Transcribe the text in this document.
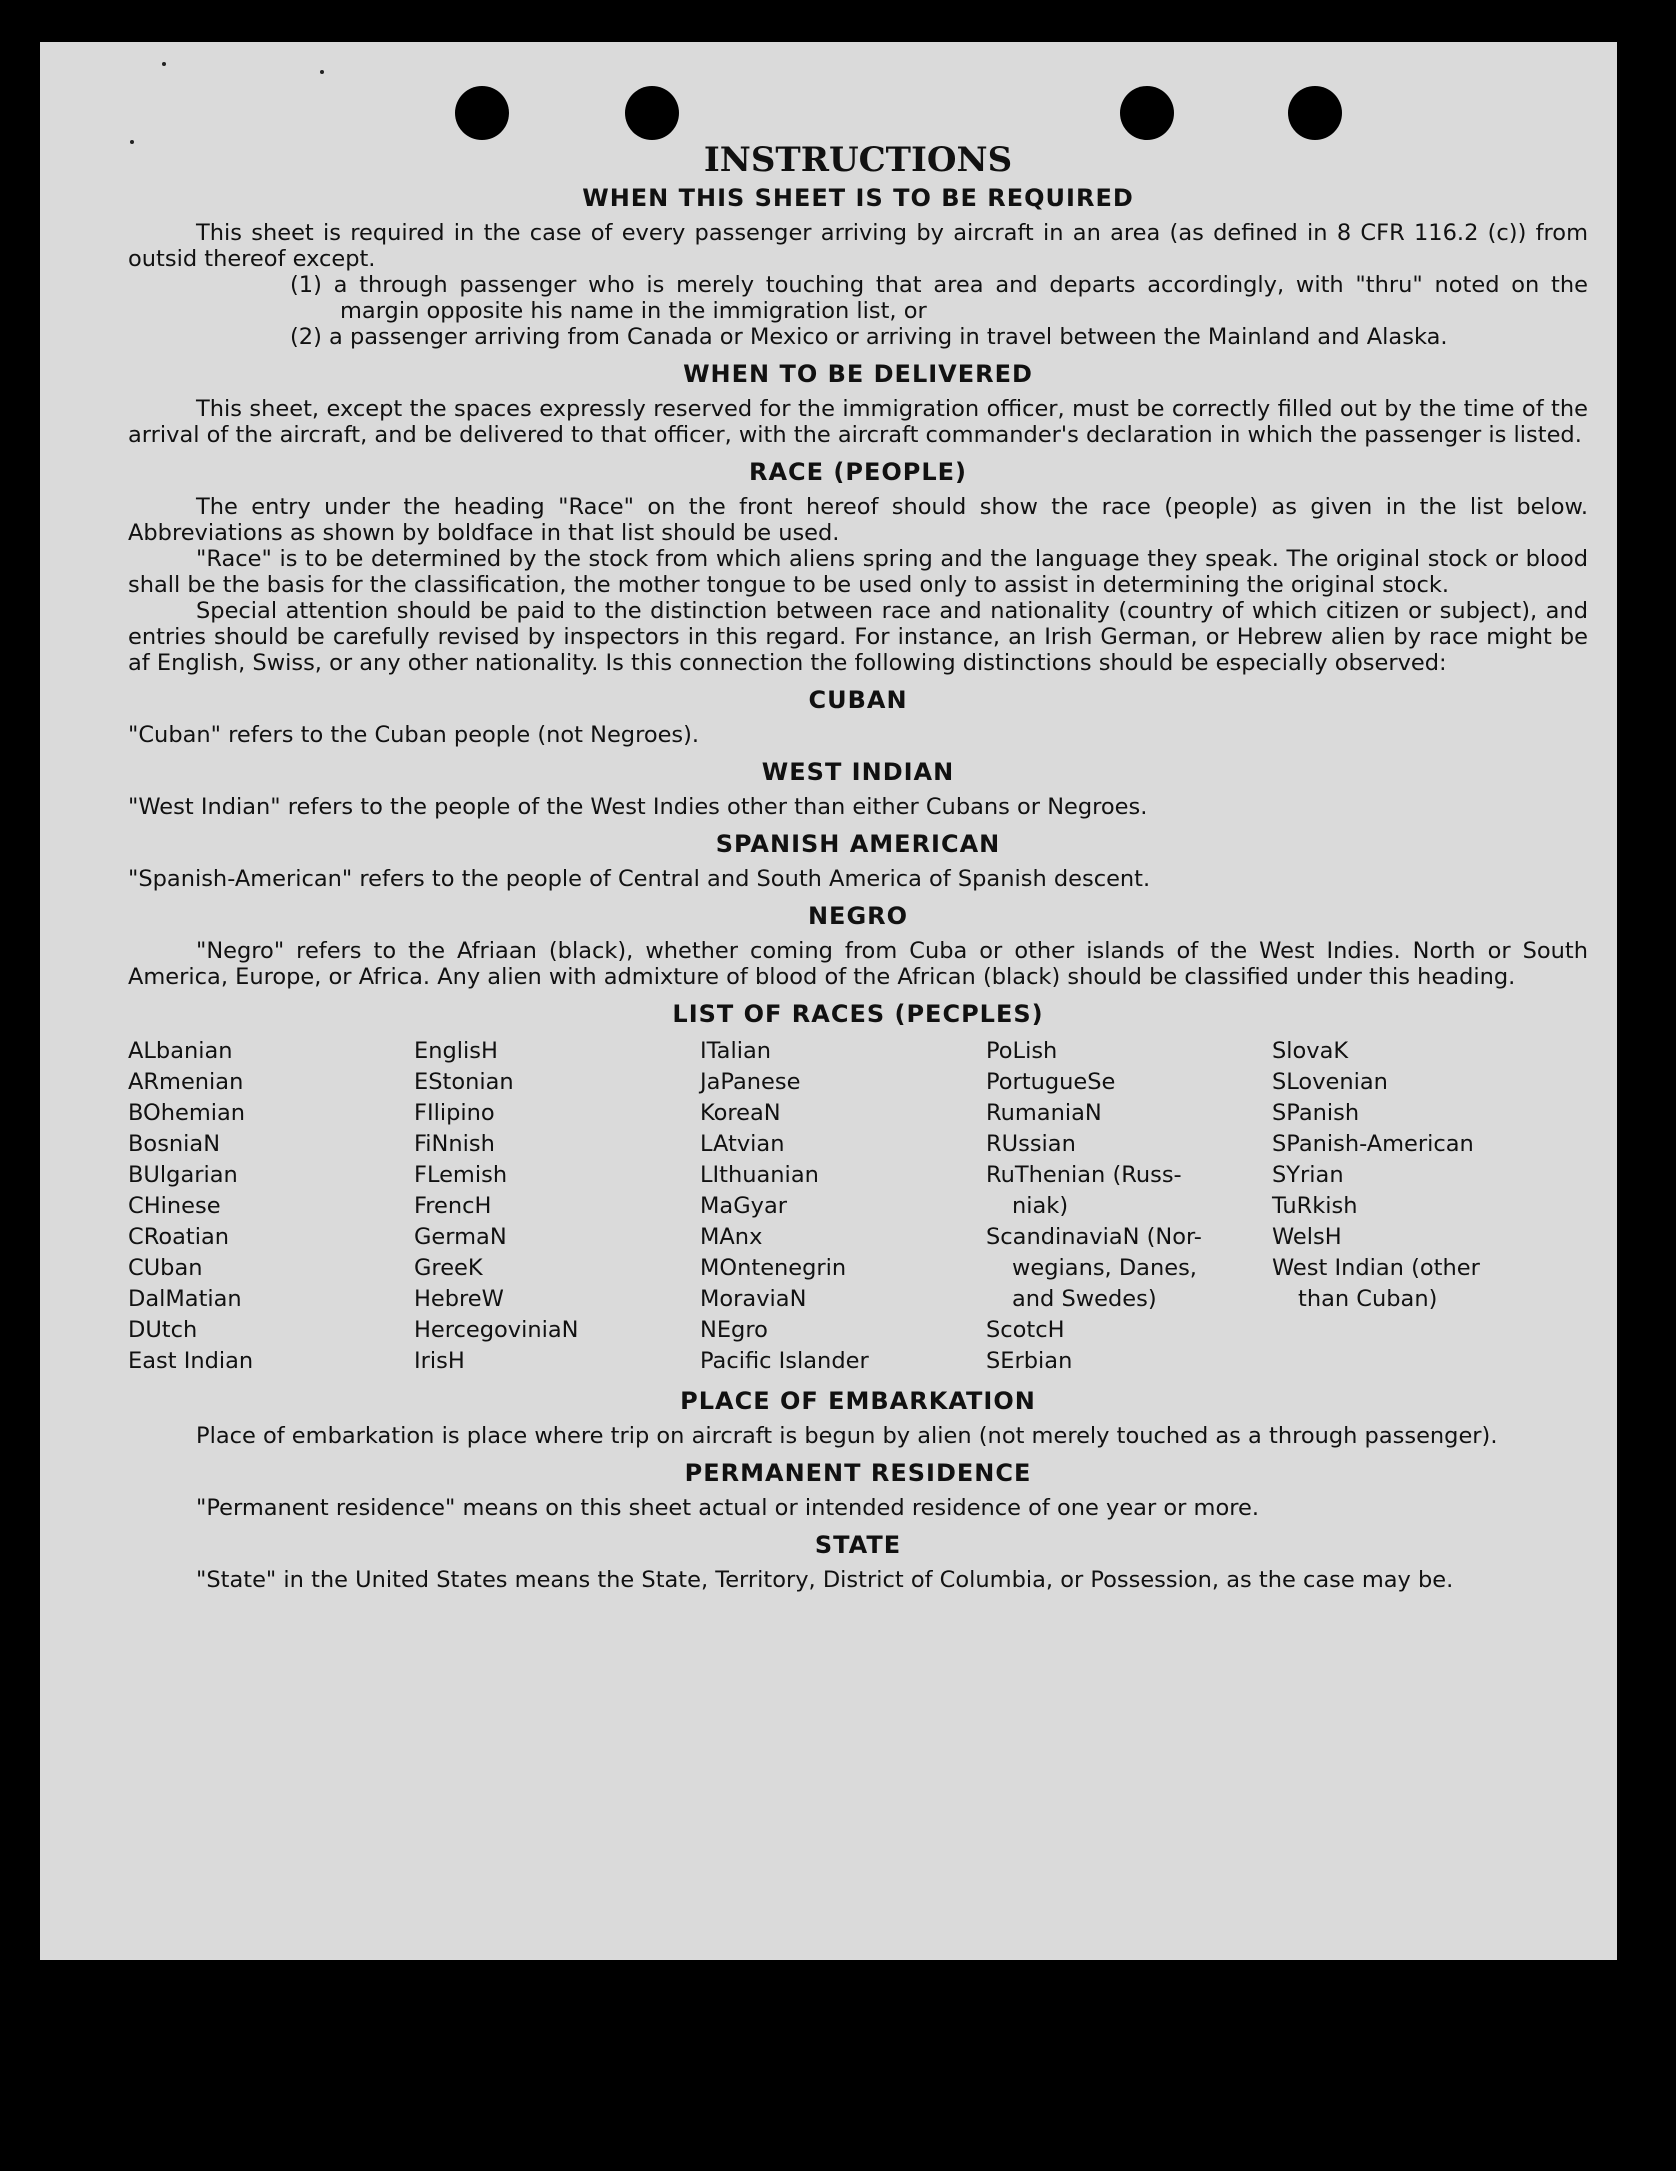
INSTRUCTIONS
WHEN THIS SHEET IS TO BE REQUIRED

This sheet is required in the case of every passenger arriving by aircraft in an area (as defined in 8 CFR 116.2 (c)) from outsid thereof except.

(1) a through passenger who is merely touching that area and departs accordingly, with "thru" noted on the margin opposite his name in the immigration list, or

(2) a passenger arriving from Canada or Mexico or arriving in travel between the Mainland and Alaska.

WHEN TO BE DELIVERED

This sheet, except the spaces expressly reserved for the immigration officer, must be correctly filled out by the time of the arrival of the aircraft, and be delivered to that officer, with the aircraft commander's declaration in which the passenger is listed.

RACE (PEOPLE)

The entry under the heading "Race" on the front hereof should show the race (people) as given in the list below. Abbreviations as shown by boldface in that list should be used.

"Race" is to be determined by the stock from which aliens spring and the language they speak. The original stock or blood shall be the basis for the classification, the mother tongue to be used only to assist in determining the original stock.

Special attention should be paid to the distinction between race and nationality (country of which citizen or subject), and entries should be carefully revised by inspectors in this regard. For instance, an Irish German, or Hebrew alien by race might be af English, Swiss, or any other nationality. Is this connection the following distinctions should be especially observed:

CUBAN

"Cuban" refers to the Cuban people (not Negroes).

WEST INDIAN

"West Indian" refers to the people of the West Indies other than either Cubans or Negroes.

SPANISH AMERICAN

"Spanish-American" refers to the people of Central and South America of Spanish descent.

NEGRO

"Negro" refers to the Afriaan (black), whether coming from Cuba or other islands of the West Indies. North or South America, Europe, or Africa. Any alien with admixture of blood of the African (black) should be classified under this heading.

LIST OF RACES (PECPLES)
ALbanian
ARmenian
BOhemian
BosniaN
BUlgarian
CHinese
CRoatian
CUban
DalMatian
DUtch
East Indian
EnglisH
EStonian
FIlipino
FiNnish
FLemish
FrencH
GermaN
GreeK
HebreW
HercegoviniaN
IrisH
ITalian
JaPanese
KoreaN
LAtvian
LIthuanian
MaGyar
MAnx
MOntenegrin
MoraviaN
NEgro
Pacific Islander
PoLish
PortugueSe
RumaniaN
RUssian
RuThenian (Russ-
niak)
ScandinaviaN (Nor-
wegians, Danes,
and Swedes)
ScotcH
SErbian
SlovaK
SLovenian
SPanish
SPanish-American
SYrian
TuRkish
WelsH
West Indian (other
than Cuban)
PLACE OF EMBARKATION

Place of embarkation is place where trip on aircraft is begun by alien (not merely touched as a through passenger).

PERMANENT RESIDENCE

"Permanent residence" means on this sheet actual or intended residence of one year or more.

STATE

"State" in the United States means the State, Territory, District of Columbia, or Possession, as the case may be.
